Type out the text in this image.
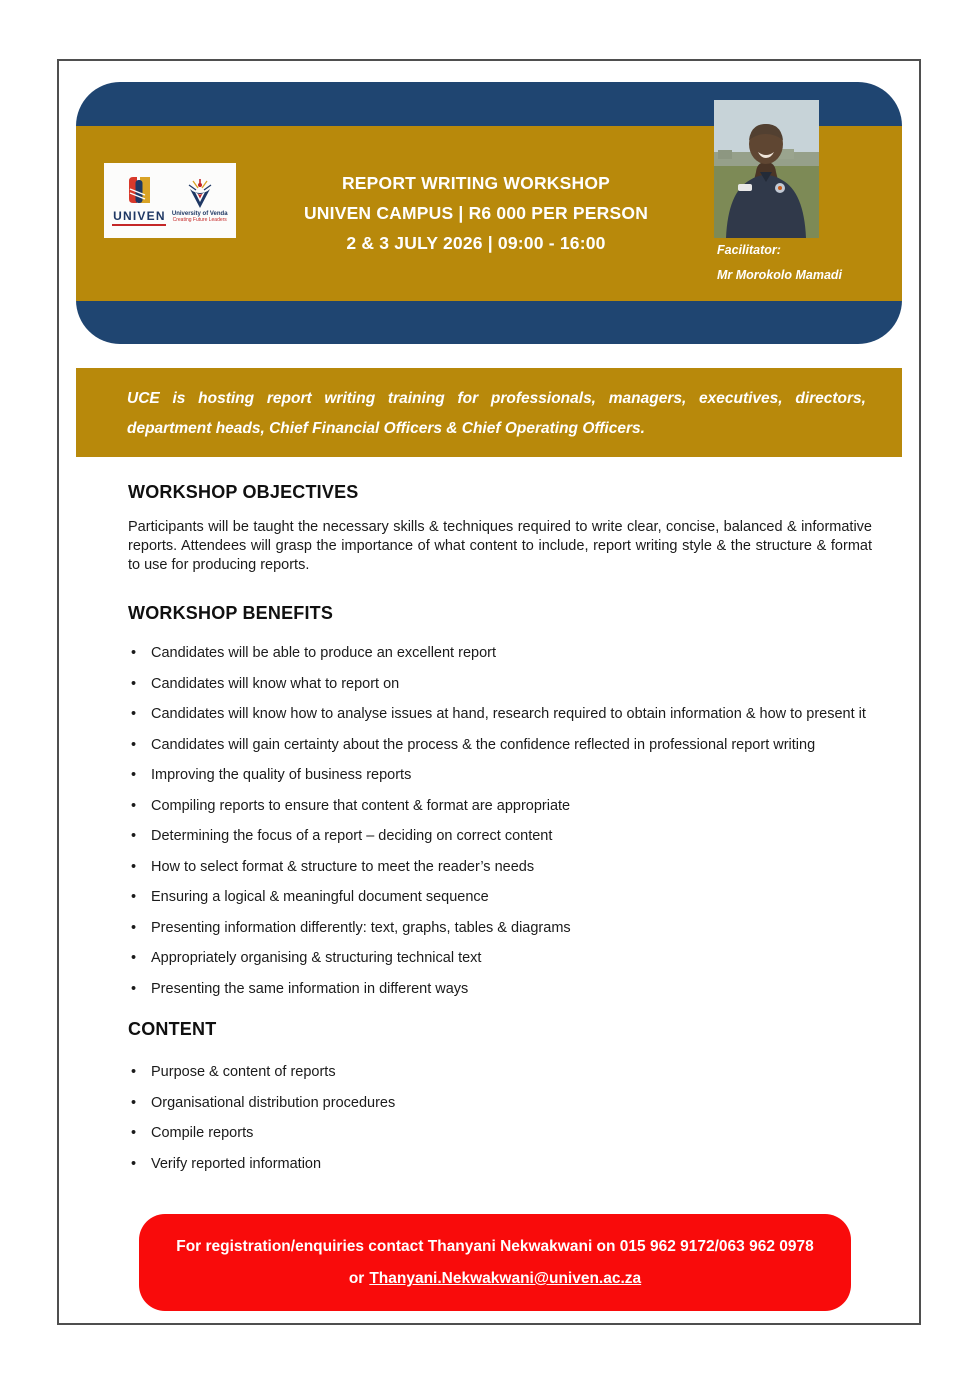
UNIVEN University of Venda
Creating Future Leaders
REPORT WRITING WORKSHOP
UNIVEN CAMPUS | R6 000 PER PERSON
2 & 3 JULY 2026 | 09:00 - 16:00	Facilitator:
Mr Morokolo Mamadi
UCE is hosting report writing training for professionals, managers, executives, directors, department heads, Chief Financial Officers & Chief Operating Officers.
WORKSHOP OBJECTIVES

Participants will be taught the necessary skills & techniques required to write clear, concise, balanced & informative reports. Attendees will grasp the importance of what content to include, report writing style & the structure & format to use for producing reports.

WORKSHOP BENEFITS
•	Candidates will be able to produce an excellent report
•	Candidates will know what to report on
•	Candidates will know how to analyse issues at hand, research required to obtain information & how to present it
•	Candidates will gain certainty about the process & the confidence reflected in professional report writing
•	Improving the quality of business reports
•	Compiling reports to ensure that content & format are appropriate
•	Determining the focus of a report – deciding on correct content
•	How to select format & structure to meet the reader’s needs
•	Ensuring a logical & meaningful document sequence
•	Presenting information differently: text, graphs, tables & diagrams
•	Appropriately organising & structuring technical text
•	Presenting the same information in different ways
CONTENT
•	Purpose & content of reports
•	Organisational distribution procedures
•	Compile reports
•	Verify reported information
For registration/enquiries contact Thanyani Nekwakwani on 015 962 9172/063 962 0978
or Thanyani.Nekwakwani@univen.ac.za
